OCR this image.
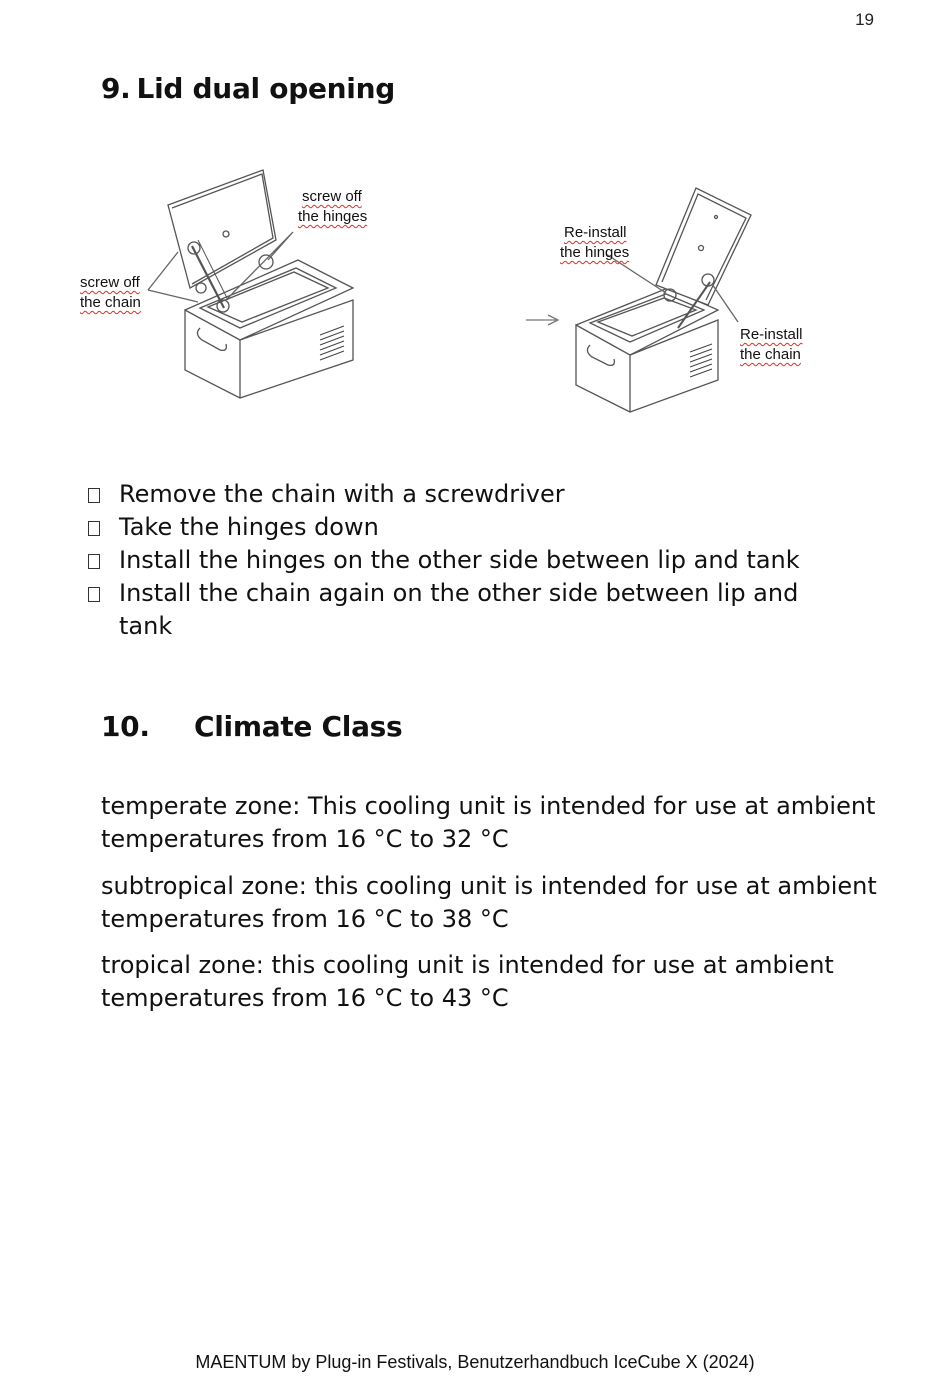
19
9. Lid dual opening
screw off
the chain
screw off
the hinges
Re-install
the hinges
Re-install
the chain
Remove the chain with a screwdriver
Take the hinges down
Install the hinges on the other side between lip and tank
Install the chain again on the other side between lip and tank
10. Climate Class

temperate zone: This cooling unit is intended for use at ambient temperatures from 16 °C to 32 °C

subtropical zone: this cooling unit is intended for use at ambient temperatures from 16 °C to 38 °C

tropical zone: this cooling unit is intended for use at ambient temperatures from 16 °C to 43 °C

MAENTUM by Plug-in Festivals, Benutzerhandbuch IceCube X (2024)
